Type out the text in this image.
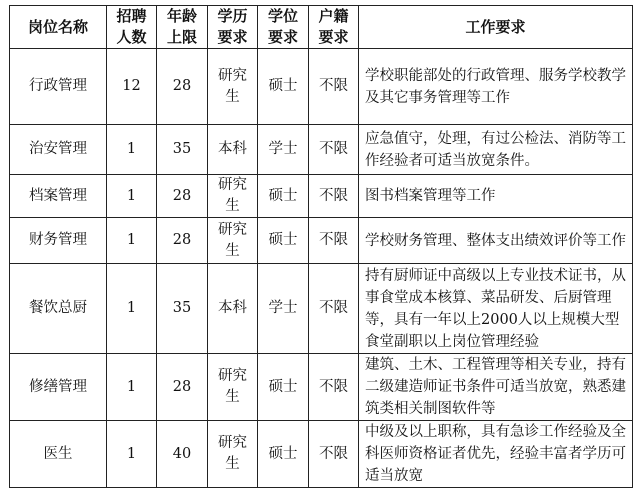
岗位名称	招聘人数	年龄上限	学历要求	学位要求	户籍要求	工作要求
行政管理	12	28	研究生	硕士	不限	学校职能部处的行政管理、服务学校教学及其它事务管理等工作
治安管理	1	35	本科	学士	不限	应急值守，处理，有过公检法、消防等工作经验者可适当放宽条件。
档案管理	1	28	研究生	硕士	不限	图书档案管理等工作
财务管理	1	28	研究生	硕士	不限	学校财务管理、整体支出绩效评价等工作
餐饮总厨	1	35	本科	学士	不限	持有厨师证中高级以上专业技术证书，从事食堂成本核算、菜品研发、后厨管理等，具有一年以上2000人以上规模大型食堂副职以上岗位管理经验
修缮管理	1	28	研究生	硕士	不限	建筑、土木、工程管理等相关专业，持有二级建造师证书条件可适当放宽，熟悉建筑类相关制图软件等
医生	1	40	研究生	硕士	不限	中级及以上职称，具有急诊工作经验及全科医师资格证者优先，经验丰富者学历可适当放宽
